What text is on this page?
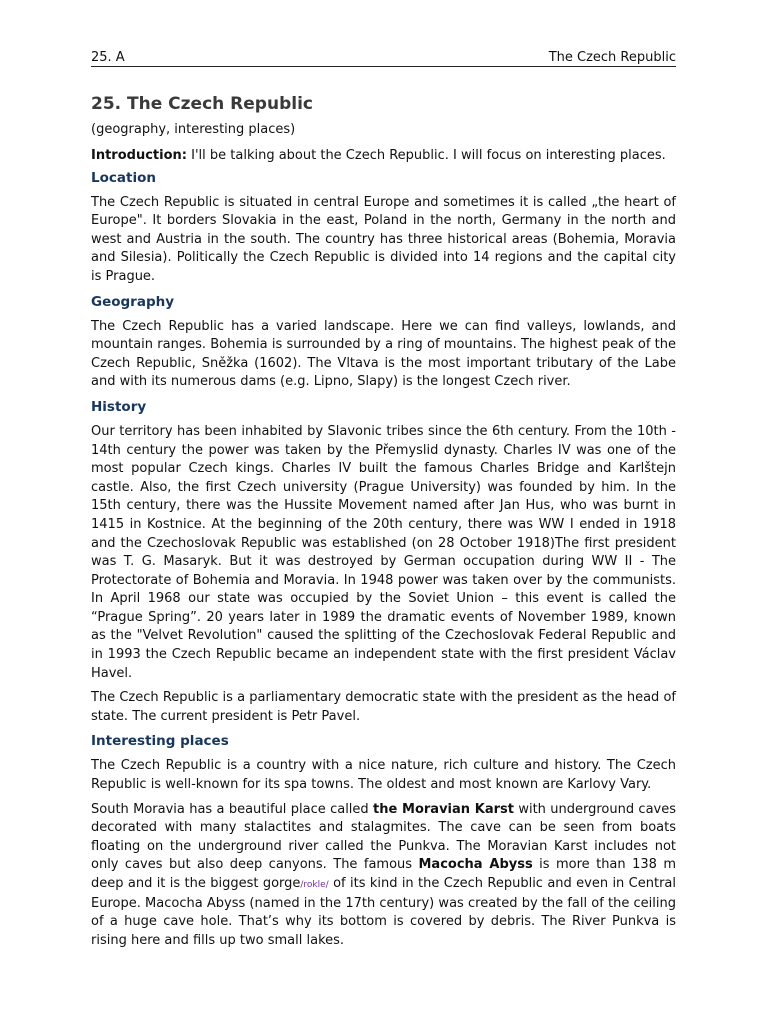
25. A	The Czech Republic
25. The Czech Republic
(geography, interesting places)
Introduction: I'll be talking about the Czech Republic. I will focus on interesting places.
Location

The Czech Republic is situated in central Europe and sometimes it is called „the heart of Europe". It borders Slovakia in the east, Poland in the north, Germany in the north and west and Austria in the south. The country has three historical areas (Bohemia, Moravia and Silesia). Politically the Czech Republic is divided into 14 regions and the capital city is Prague.

Geography

The Czech Republic has a varied landscape. Here we can find valleys, lowlands, and mountain ranges. Bohemia is surrounded by a ring of mountains. The highest peak of the Czech Republic, Sněžka (1602). The Vltava is the most important tributary of the Labe and with its numerous dams (e.g. Lipno, Slapy) is the longest Czech river.

History

Our territory has been inhabited by Slavonic tribes since the 6th century. From the 10th - 14th century the power was taken by the Přemyslid dynasty. Charles IV was one of the most popular Czech kings. Charles IV built the famous Charles Bridge and Karlštejn castle. Also, the first Czech university (Prague University) was founded by him. In the 15th century, there was the Hussite Movement named after Jan Hus, who was burnt in 1415 in Kostnice. At the beginning of the 20th century, there was WW I ended in 1918 and the Czechoslovak Republic was established (on 28 October 1918)The first president was T. G. Masaryk. But it was destroyed by German occupation during WW II - The Protectorate of Bohemia and Moravia. In 1948 power was taken over by the communists. In April 1968 our state was occupied by the Soviet Union – this event is called the “Prague Spring”. 20 years later in 1989 the dramatic events of November 1989, known as the "Velvet Revolution" caused the splitting of the Czechoslovak Federal Republic and in 1993 the Czech Republic became an independent state with the first president Václav Havel.

The Czech Republic is a parliamentary democratic state with the president as the head of state. The current president is Petr Pavel.

Interesting places

The Czech Republic is a country with a nice nature, rich culture and history. The Czech Republic is well-known for its spa towns. The oldest and most known are Karlovy Vary.

South Moravia has a beautiful place called the Moravian Karst with underground caves decorated with many stalactites and stalagmites. The cave can be seen from boats floating on the underground river called the Punkva. The Moravian Karst includes not only caves but also deep canyons. The famous Macocha Abyss is more than 138 m deep and it is the biggest gorge/rokle/ of its kind in the Czech Republic and even in Central Europe. Macocha Abyss (named in the 17th century) was created by the fall of the ceiling of a huge cave hole. That’s why its bottom is covered by debris. The River Punkva is rising here and fills up two small lakes.
